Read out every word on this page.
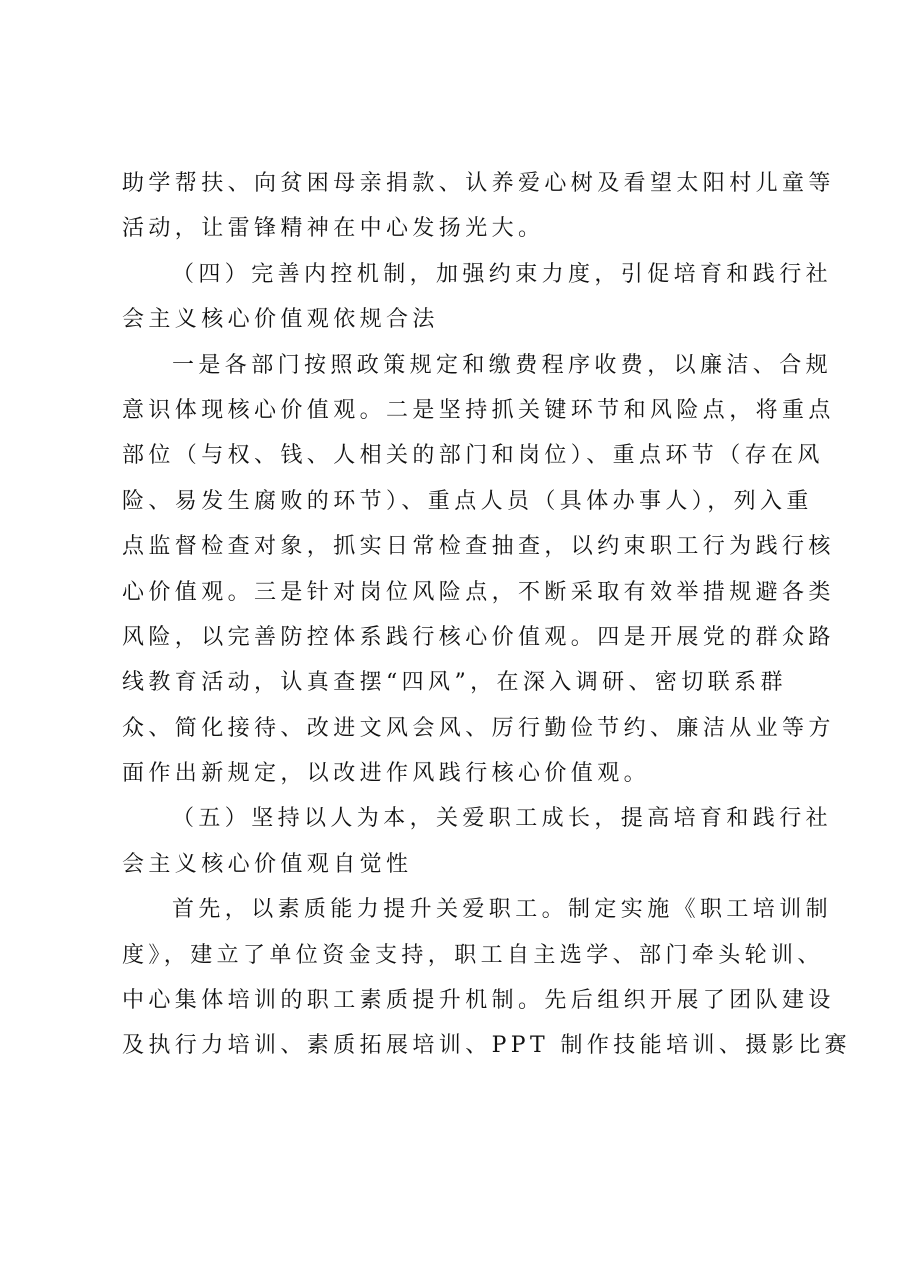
助学帮扶、向贫困母亲捐款、认养爱心树及看望太阳村儿童等
活动，让雷锋精神在中心发扬光大。
（四）完善内控机制，加强约束力度，引促培育和践行社
会主义核心价值观依规合法
一是各部门按照政策规定和缴费程序收费，以廉洁、合规
意识体现核心价值观。二是坚持抓关键环节和风险点，将重点
部位（与权、钱、人相关的部门和岗位）、重点环节（存在风
险、易发生腐败的环节）、重点人员（具体办事人），列入重
点监督检查对象，抓实日常检查抽查，以约束职工行为践行核
心价值观。三是针对岗位风险点，不断采取有效举措规避各类
风险，以完善防控体系践行核心价值观。四是开展党的群众路
线教育活动，认真查摆“四风”，在深入调研、密切联系群
众、简化接待、改进文风会风、厉行勤俭节约、廉洁从业等方
面作出新规定，以改进作风践行核心价值观。
（五）坚持以人为本，关爱职工成长，提高培育和践行社
会主义核心价值观自觉性
首先，以素质能力提升关爱职工。制定实施《职工培训制
度》，建立了单位资金支持，职工自主选学、部门牵头轮训、
中心集体培训的职工素质提升机制。先后组织开展了团队建设
及执行力培训、素质拓展培训、PPT 制作技能培训、摄影比赛
